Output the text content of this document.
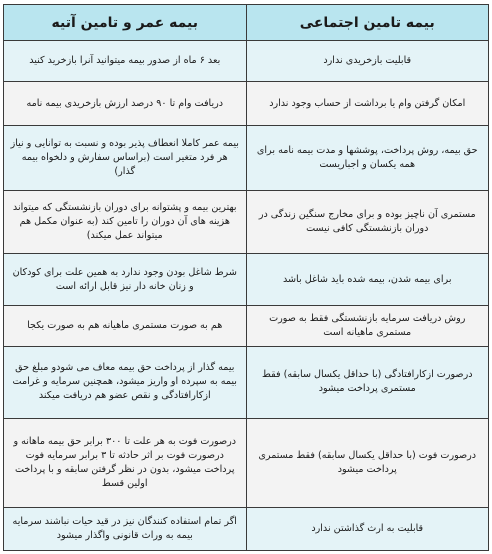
بیمه تامین اجتماعی	بیمه عمر و تامین آتیه
قابلیت بازخریدی ندارد	بعد ۶ ماه از صدور بیمه میتوانید آنرا بازخرید کنید
امکان گرفتن وام یا برداشت از حساب وجود ندارد	دریافت وام تا ۹۰ درصد ارزش بازخریدی بیمه نامه
حق بیمه، روش پرداخت، پوششها و مدت بیمه نامه برای همه یکسان و اجباریست	بیمه عمر کاملا انعطاف پذیر بوده و نسبت به توانایی و نیاز هر فرد متغیر است (براساس سفارش و دلخواه بیمه گذار)
مستمری آن ناچیز بوده و برای مخارج سنگین زندگی در دوران بازنشستگی کافی نیست	بهترین بیمه و پشتوانه برای دوران بازنشستگی که میتواند هزینه های آن دوران را تامین کند (به عنوان مکمل هم میتواند عمل میکند)
برای بیمه شدن، بیمه شده باید شاغل باشد	شرط شاغل بودن وجود ندارد به همین علت برای کودکان و زنان خانه دار نیز قابل ارائه است
روش دریافت سرمایه بازنشستگی فقط به صورت مستمری ماهیانه است	هم به صورت مستمری ماهیانه هم به صورت یکجا
درصورت ازکارافتادگی (با حداقل یکسال سابقه) فقط مستمری پرداخت میشود	بیمه گذار از پرداخت حق بیمه معاف می شودو مبلغ حق بیمه به سپرده او واریز میشود، همچنین سرمایه و غرامت ازکارافتادگی و نقص عضو هم دریافت میکند
درصورت فوت (با حداقل یکسال سابقه) فقط مستمری پرداخت میشود	درصورت فوت به هر علت تا ۳۰۰ برابر حق بیمه ماهانه و درصورت فوت بر اثر حادثه تا ۳ برابر سرمایه فوت پرداخت میشود، بدون در نظر گرفتن سابقه و با پرداخت اولین قسط
قابلیت به ارث گذاشتن ندارد	اگر تمام استفاده کنندگان نیز در قید حیات نباشند سرمایه بیمه به وراث قانونی واگذار میشود
